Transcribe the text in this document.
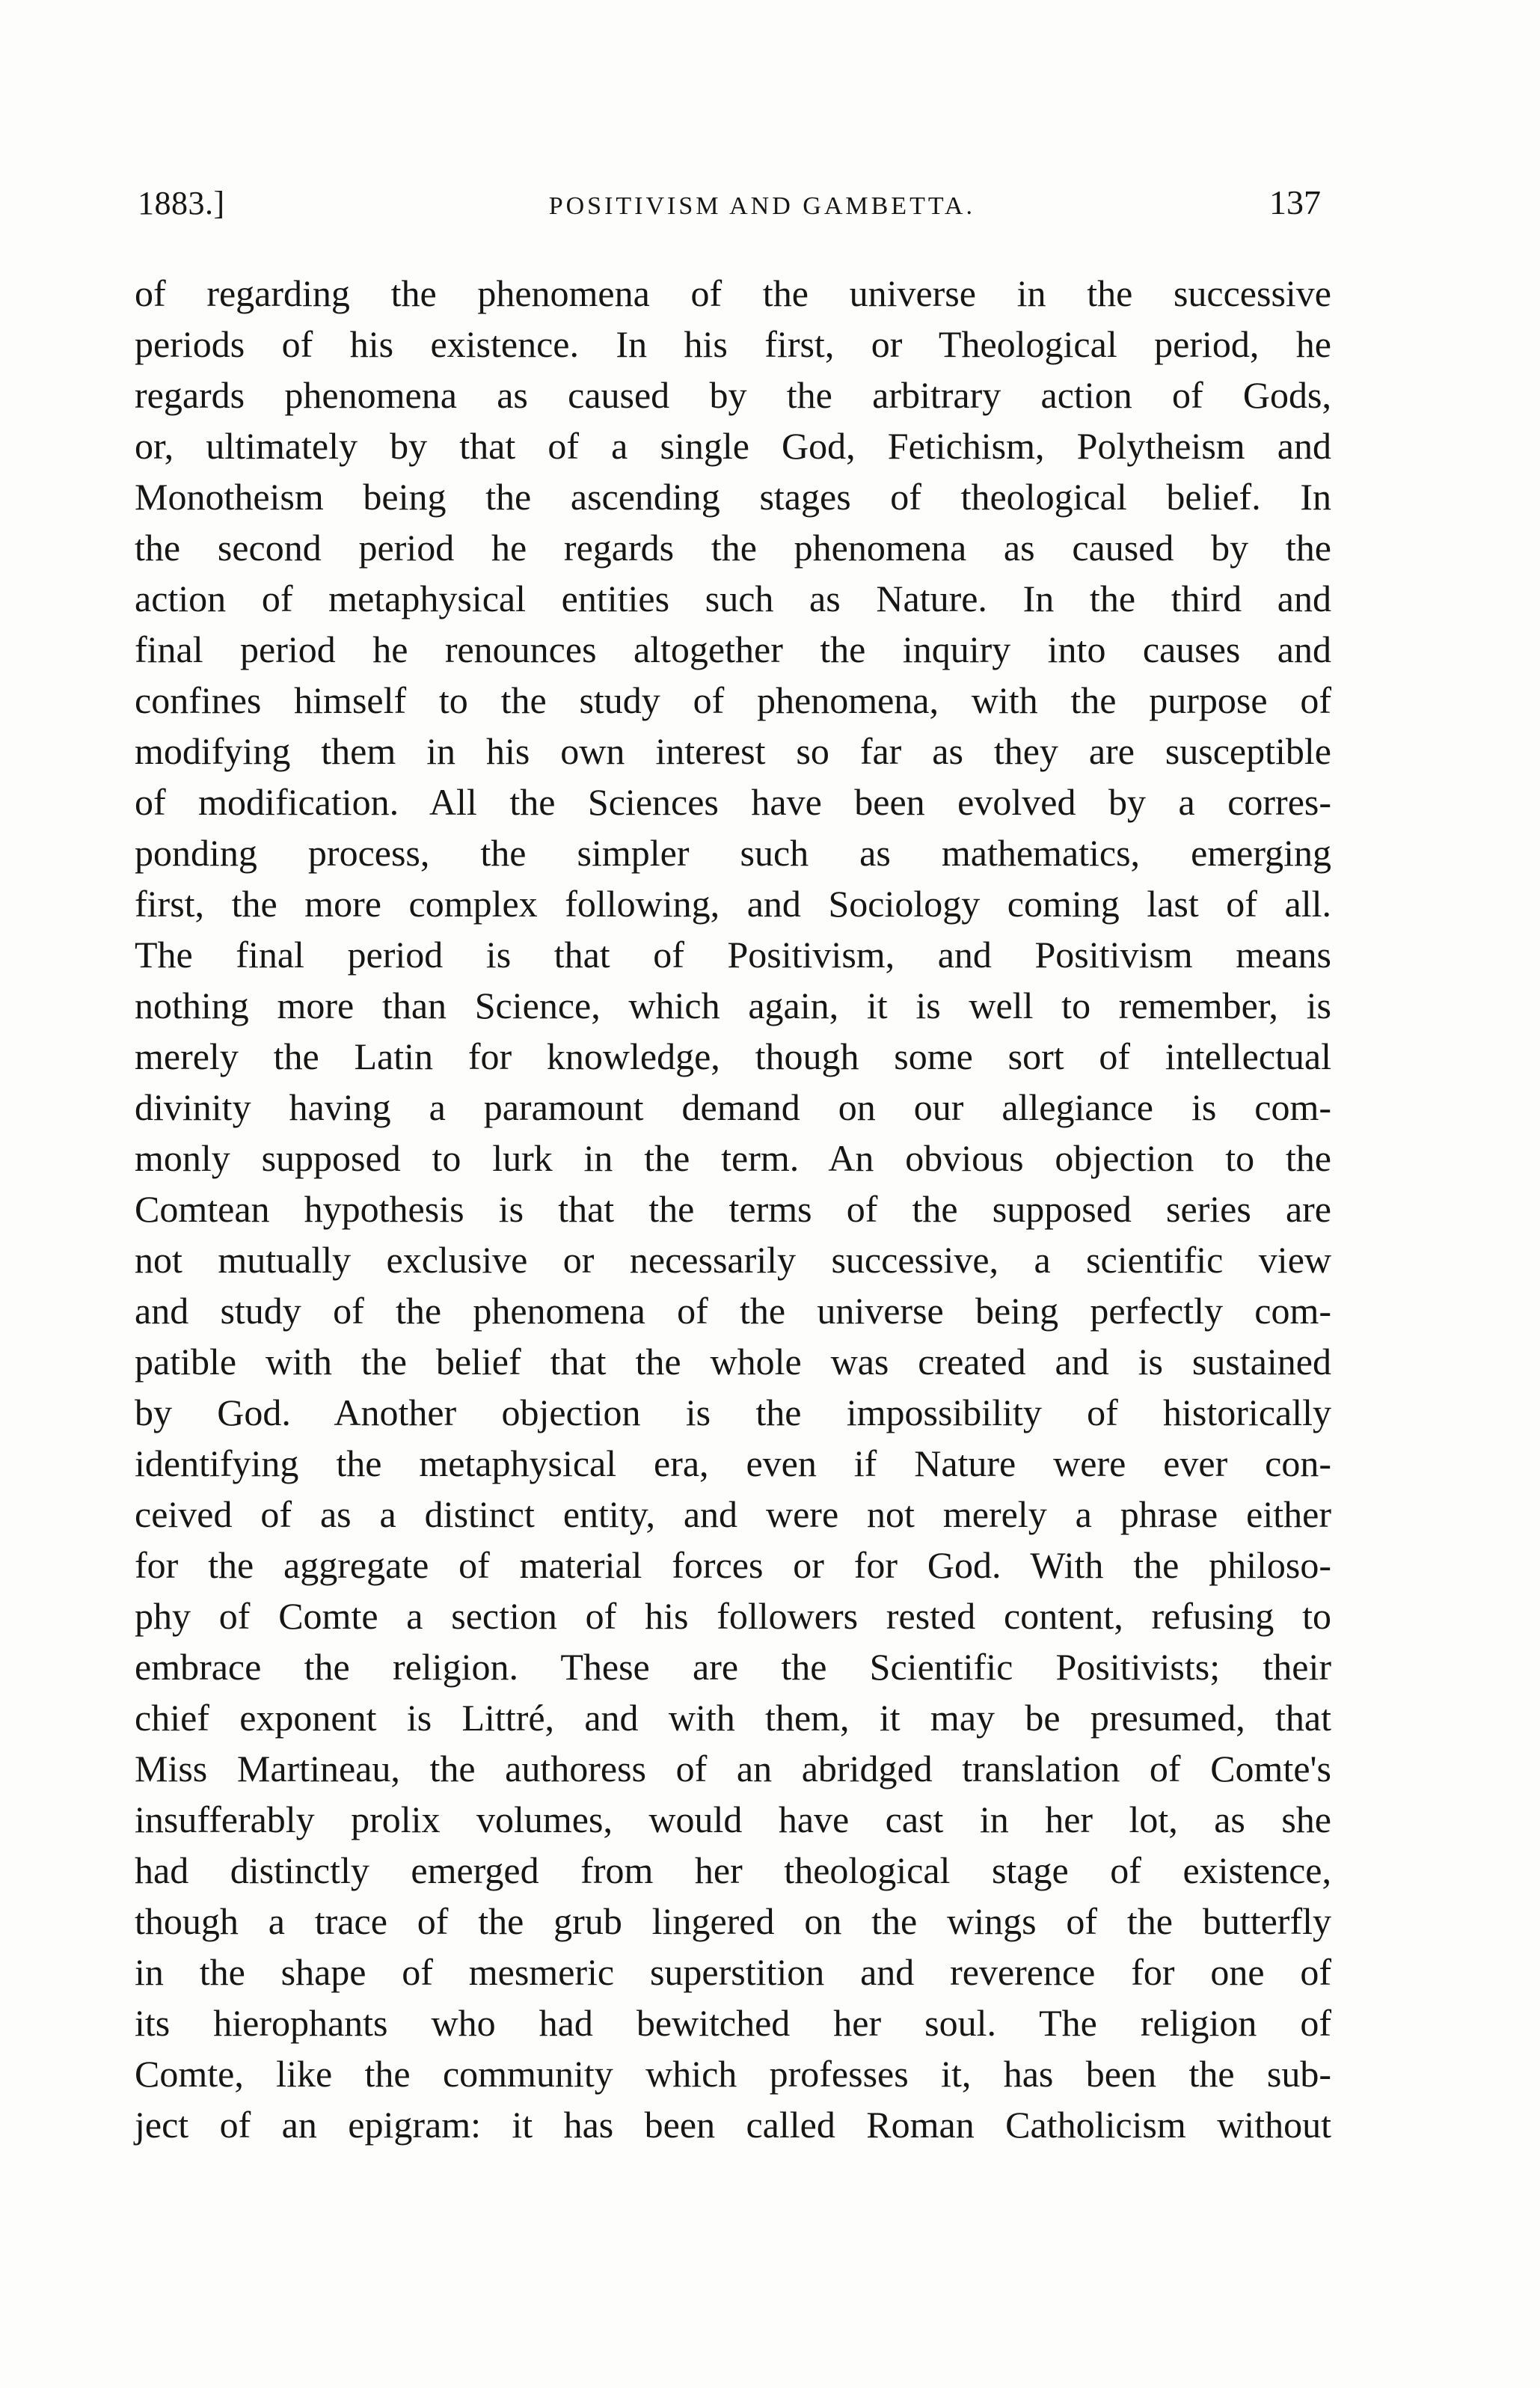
1883.]	POSITIVISM AND GAMBETTA.	137
of regarding the phenomena of the universe in the successive
periods of his existence. In his first, or Theological period, he
regards phenomena as caused by the arbitrary action of Gods,
or, ultimately by that of a single God, Fetichism, Polytheism and
Monotheism being the ascending stages of theological belief. In
the second period he regards the phenomena as caused by the
action of metaphysical entities such as Nature. In the third and
final period he renounces altogether the inquiry into causes and
confines himself to the study of phenomena, with the purpose of
modifying them in his own interest so far as they are susceptible
of modification. All the Sciences have been evolved by a corres-
ponding process, the simpler such as mathematics, emerging
first, the more complex following, and Sociology coming last of all.
The final period is that of Positivism, and Positivism means
nothing more than Science, which again, it is well to remember, is
merely the Latin for knowledge, though some sort of intellectual
divinity having a paramount demand on our allegiance is com-
monly supposed to lurk in the term. An obvious objection to the
Comtean hypothesis is that the terms of the supposed series are
not mutually exclusive or necessarily successive, a scientific view
and study of the phenomena of the universe being perfectly com-
patible with the belief that the whole was created and is sustained
by God. Another objection is the impossibility of historically
identifying the metaphysical era, even if Nature were ever con-
ceived of as a distinct entity, and were not merely a phrase either
for the aggregate of material forces or for God. With the philoso-
phy of Comte a section of his followers rested content, refusing to
embrace the religion. These are the Scientific Positivists; their
chief exponent is Littré, and with them, it may be presumed, that
Miss Martineau, the authoress of an abridged translation of Comte's
insufferably prolix volumes, would have cast in her lot, as she
had distinctly emerged from her theological stage of existence,
though a trace of the grub lingered on the wings of the butterfly
in the shape of mesmeric superstition and reverence for one of
its hierophants who had bewitched her soul. The religion of
Comte, like the community which professes it, has been the sub-
ject of an epigram: it has been called Roman Catholicism without
